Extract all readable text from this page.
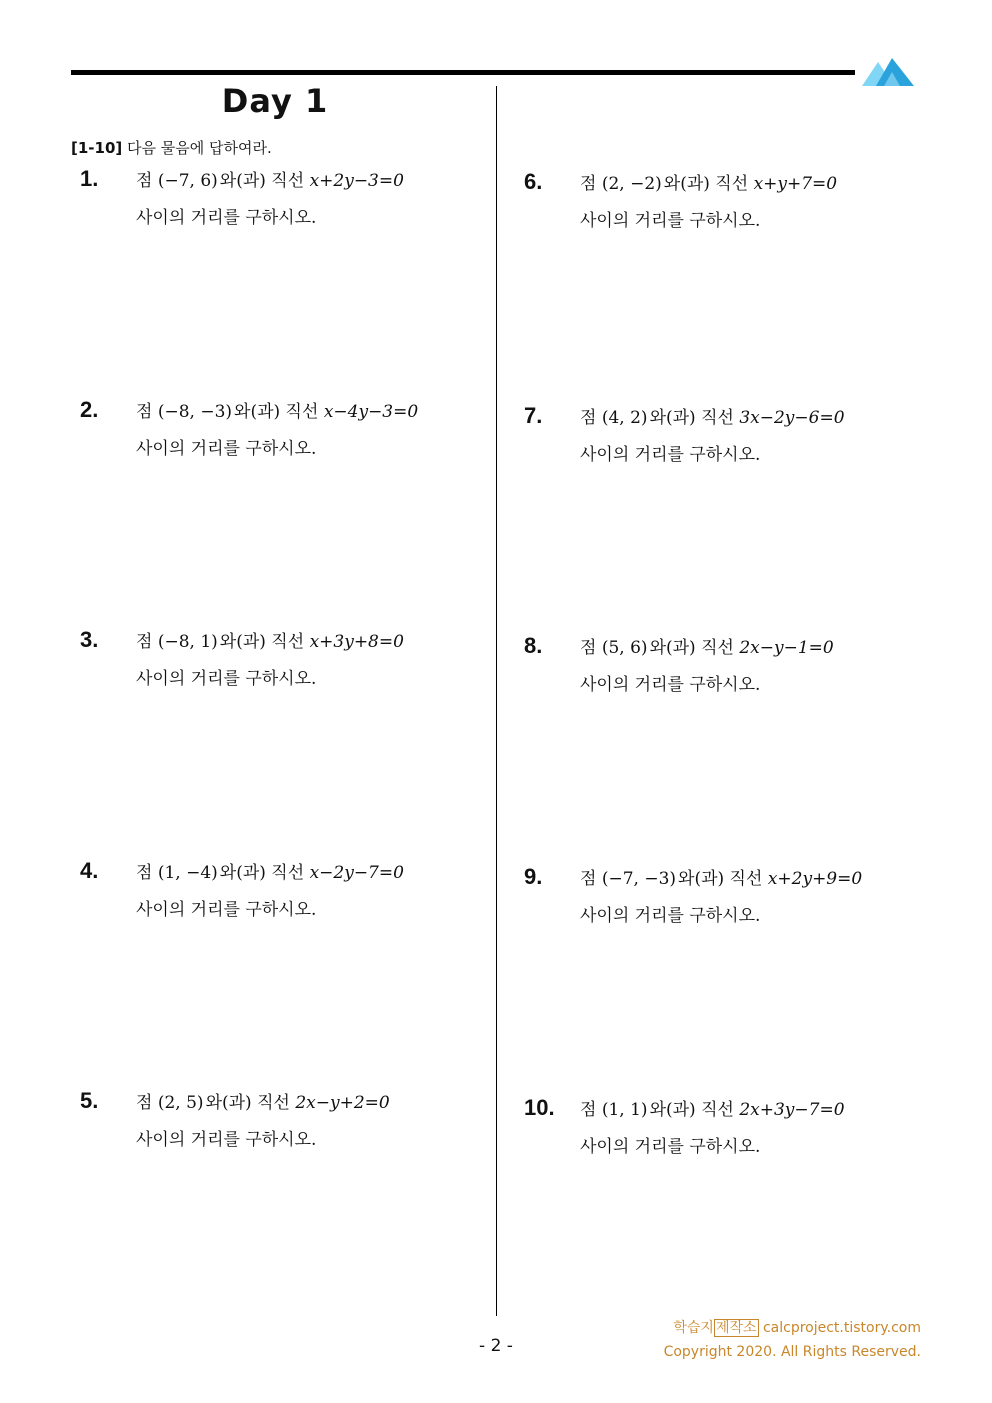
Day 1
[1-10] 다음 물음에 답하여라.
1. 점 (−7, 6) 와(과) 직선 x+2y−3=0
사이의 거리를 구하시오.
2. 점 (−8, −3) 와(과) 직선 x−4y−3=0
사이의 거리를 구하시오.
3. 점 (−8, 1) 와(과) 직선 x+3y+8=0
사이의 거리를 구하시오.
4. 점 (1, −4) 와(과) 직선 x−2y−7=0
사이의 거리를 구하시오.
5. 점 (2, 5) 와(과) 직선 2x−y+2=0
사이의 거리를 구하시오.
6. 점 (2, −2) 와(과) 직선 x+y+7=0
사이의 거리를 구하시오.
7. 점 (4, 2) 와(과) 직선 3x−2y−6=0
사이의 거리를 구하시오.
8. 점 (5, 6) 와(과) 직선 2x−y−1=0
사이의 거리를 구하시오.
9. 점 (−7, −3) 와(과) 직선 x+2y+9=0
사이의 거리를 구하시오.
10. 점 (1, 1) 와(과) 직선 2x+3y−7=0
사이의 거리를 구하시오.
- 2 -
학습지 제작소 calcproject.tistory.com
Copyright 2020. All Rights Reserved.
